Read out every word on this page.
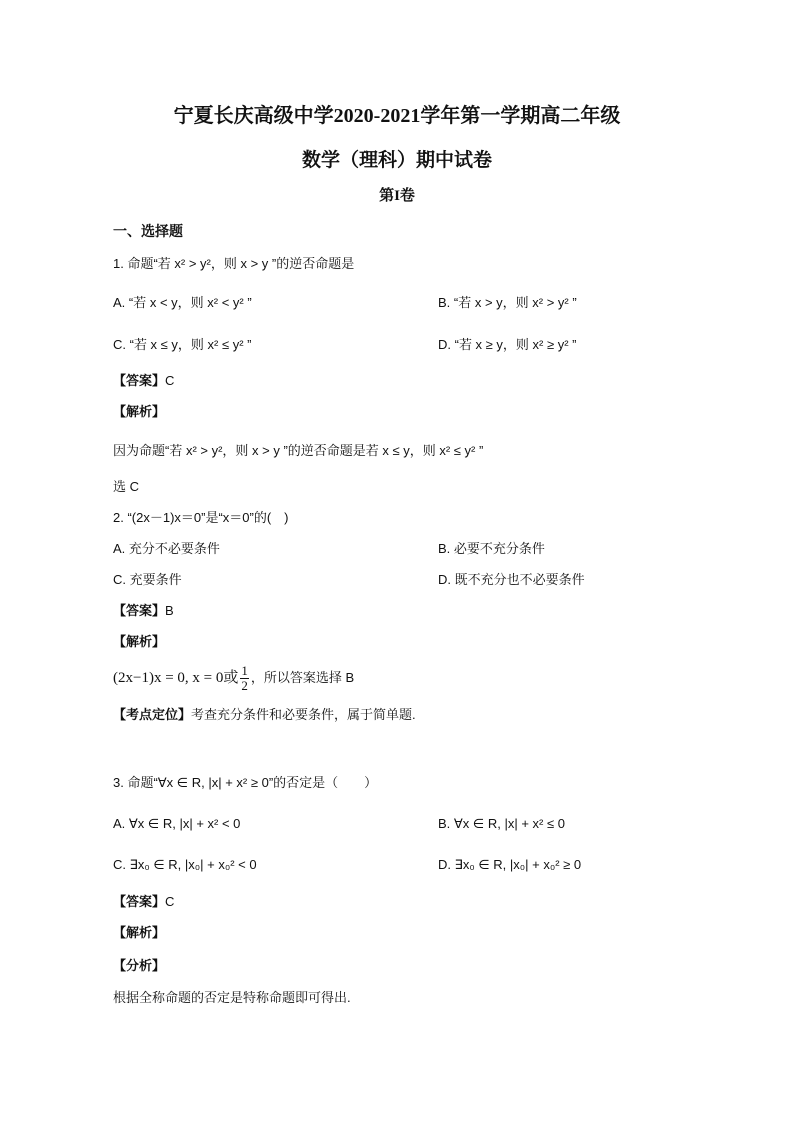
宁夏长庆高级中学2020-2021学年第一学期高二年级
数学（理科）期中试卷
第I卷
一、选择题
1. 命题“若 x² > y²，则 x > y ”的逆否命题是
A. “若 x < y，则 x² < y² ”	B. “若 x > y，则 x² > y² ”
C. “若 x ≤ y，则 x² ≤ y² ”	D. “若 x ≥ y，则 x² ≥ y² ”
【答案】C
【解析】
因为命题“若 x² > y²，则 x > y ”的逆否命题是若 x ≤ y，则 x² ≤ y² ”
选 C
2. “(2x－1)x＝0”是“x＝0”的(　)
A. 充分不必要条件	B. 必要不充分条件
C. 充要条件	D. 既不充分也不必要条件
【答案】B
【解析】
(2x−1)x = 0, x = 0或 $\frac{1}{2}$ ，所以答案选择 B
【考点定位】考查充分条件和必要条件，属于简单题.
3. 命题“∀x ∈ R, |x| + x² ≥ 0”的否定是（　　）
A. ∀x ∈ R, |x| + x² < 0	B. ∀x ∈ R, |x| + x² ≤ 0
C. ∃x₀ ∈ R, |x₀| + x₀² < 0	D. ∃x₀ ∈ R, |x₀| + x₀² ≥ 0
【答案】C
【解析】
【分析】
根据全称命题的否定是特称命题即可得出.
